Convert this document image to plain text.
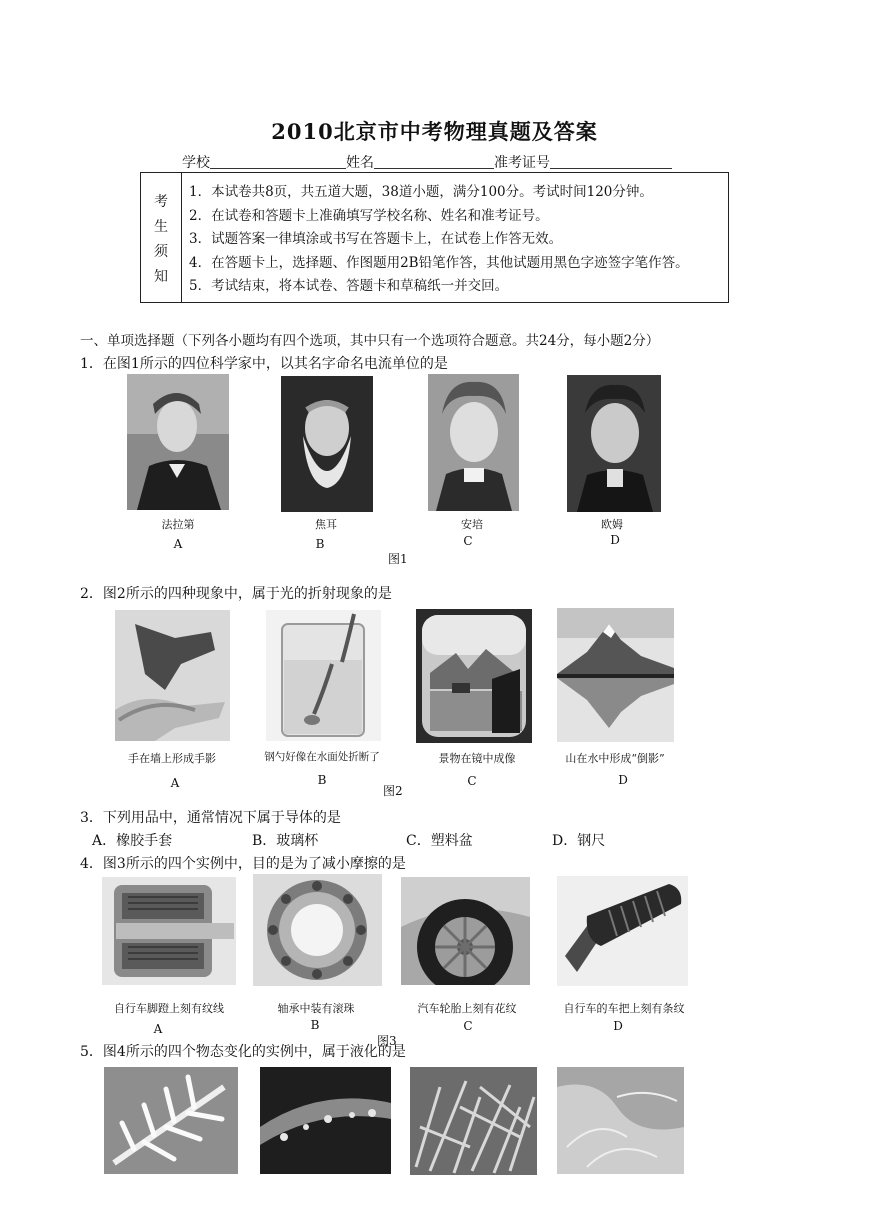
2010北京市中考物理真题及答案
学校	姓名	准考证号
考
生
须
知
1．本试卷共8页，共五道大题，38道小题，满分100分。考试时间120分钟。
2．在试卷和答题卡上准确填写学校名称、姓名和准考证号。
3．试题答案一律填涂或书写在答题卡上，在试卷上作答无效。
4．在答题卡上，选择题、作图题用2B铅笔作答，其他试题用黑色字迹签字笔作答。
5．考试结束，将本试卷、答题卡和草稿纸一并交回。
一、单项选择题（下列各小题均有四个选项，其中只有一个选项符合题意。共24分，每小题2分）
1．在图1所示的四位科学家中，以其名字命名电流单位的是
法拉第	焦耳	安培	欧姆
A	B	C	D
图1
2．图2所示的四种现象中，属于光的折射现象的是
手在墙上形成手影	钢勺好像在水面处折断了	景物在镜中成像	山在水中形成“倒影”
A	B	C	D
图2
3．下列用品中，通常情况下属于导体的是
A．橡胶手套	B．玻璃杯	C．塑料盆	D．钢尺
4．图3所示的四个实例中，目的是为了减小摩擦的是
自行车脚蹬上刻有纹线	轴承中装有滚珠	汽车轮胎上刻有花纹	自行车的车把上刻有条纹
A	B	C	D
图3
5．图4所示的四个物态变化的实例中，属于液化的是
